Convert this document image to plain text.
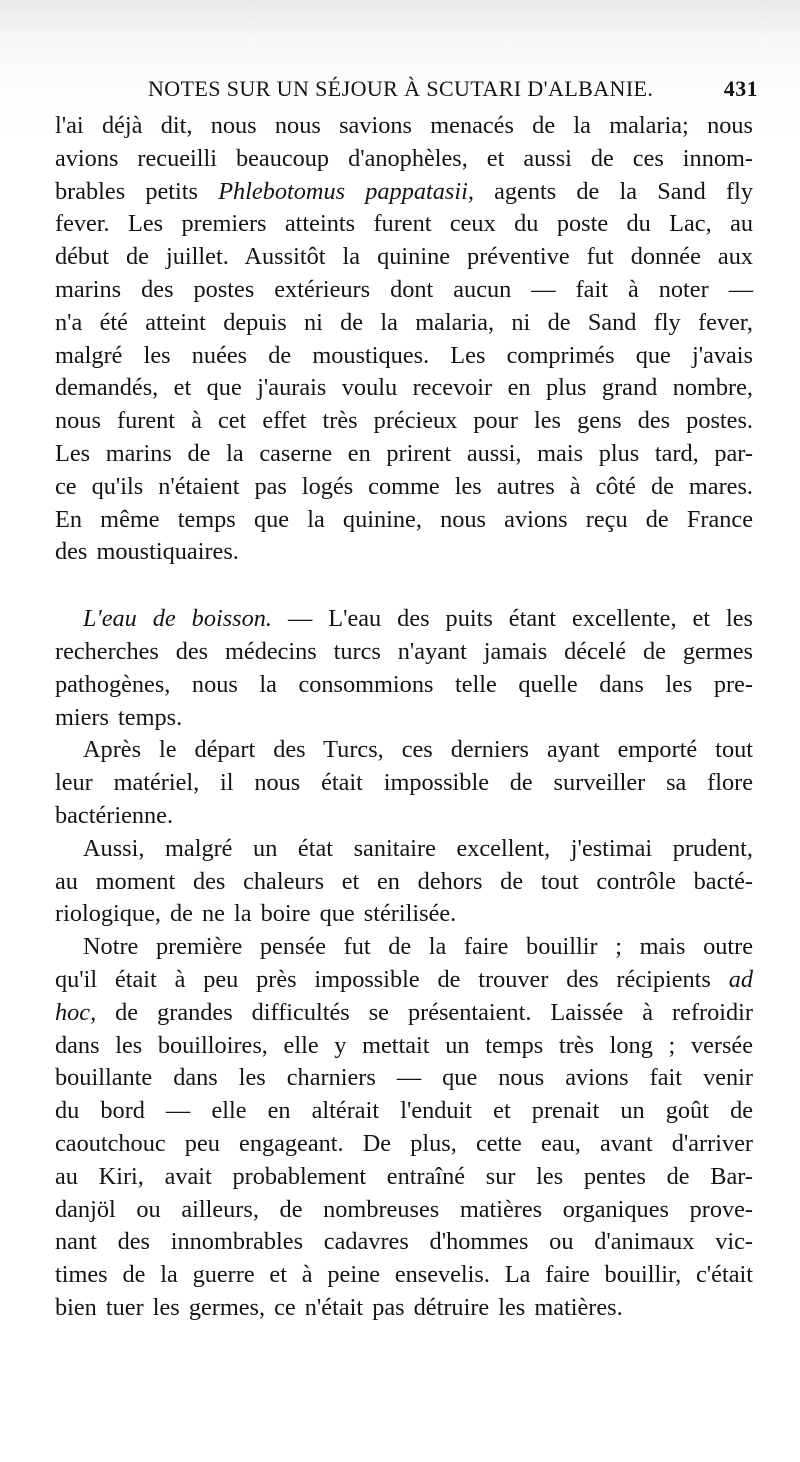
NOTES SUR UN SÉJOUR À SCUTARI D'ALBANIE.	431
l'ai déjà dit, nous nous savions menacés de la malaria; nous
avions recueilli beaucoup d'anophèles, et aussi de ces innom-
brables petits Phlebotomus pappatasii, agents de la Sand fly
fever. Les premiers atteints furent ceux du poste du Lac, au
début de juillet. Aussitôt la quinine préventive fut donnée aux
marins des postes extérieurs dont aucun — fait à noter —
n'a été atteint depuis ni de la malaria, ni de Sand fly fever,
malgré les nuées de moustiques. Les comprimés que j'avais
demandés, et que j'aurais voulu recevoir en plus grand nombre,
nous furent à cet effet très précieux pour les gens des postes.
Les marins de la caserne en prirent aussi, mais plus tard, par-
ce qu'ils n'étaient pas logés comme les autres à côté de mares.
En même temps que la quinine, nous avions reçu de France
des moustiquaires.
L'eau de boisson. — L'eau des puits étant excellente, et les
recherches des médecins turcs n'ayant jamais décelé de germes
pathogènes, nous la consommions telle quelle dans les pre-
miers temps.
Après le départ des Turcs, ces derniers ayant emporté tout
leur matériel, il nous était impossible de surveiller sa flore
bactérienne.
Aussi, malgré un état sanitaire excellent, j'estimai prudent,
au moment des chaleurs et en dehors de tout contrôle bacté-
riologique, de ne la boire que stérilisée.
Notre première pensée fut de la faire bouillir ; mais outre
qu'il était à peu près impossible de trouver des récipients ad
hoc, de grandes difficultés se présentaient. Laissée à refroidir
dans les bouilloires, elle y mettait un temps très long ; versée
bouillante dans les charniers — que nous avions fait venir
du bord — elle en altérait l'enduit et prenait un goût de
caoutchouc peu engageant. De plus, cette eau, avant d'arriver
au Kiri, avait probablement entraîné sur les pentes de Bar-
danjöl ou ailleurs, de nombreuses matières organiques prove-
nant des innombrables cadavres d'hommes ou d'animaux vic-
times de la guerre et à peine ensevelis. La faire bouillir, c'était
bien tuer les germes, ce n'était pas détruire les matières.
